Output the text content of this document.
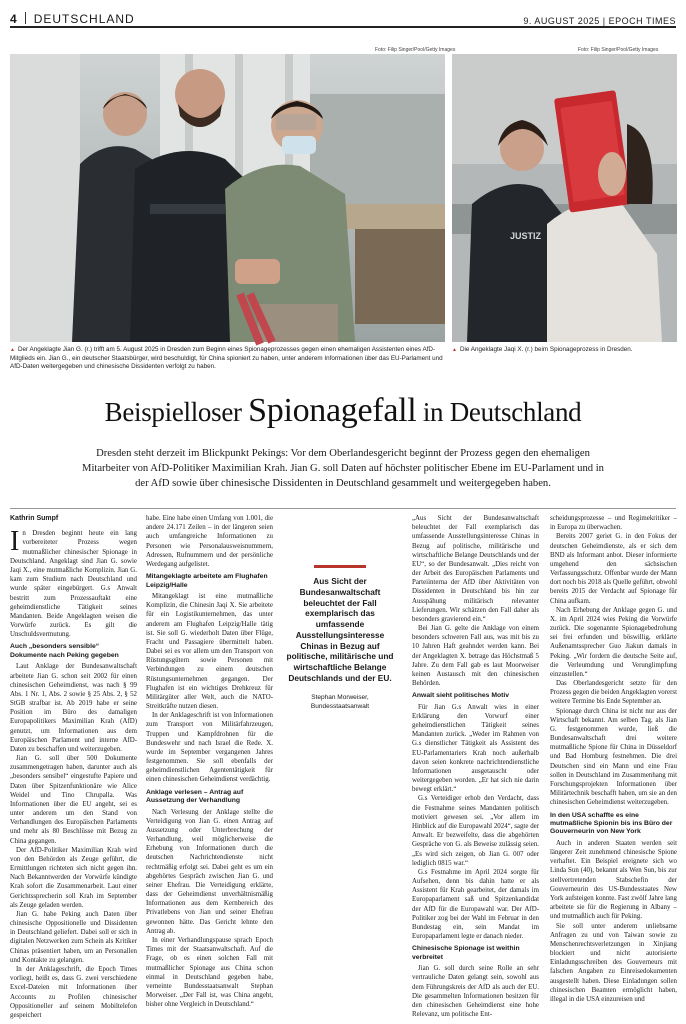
4 DEUTSCHLAND	9. AUGUST 2025 | EPOCH TIMES
Foto: Filip Singer/Pool/Getty Images	Foto: Filip Singer/Pool/Getty Images
JUSTIZ
▲ Der Angeklagte Jian G. (r.) trifft am 5. August 2025 in Dresden zum Beginn eines Spionageprozesses gegen einen ehemaligen Assistenten eines AfD-Mitglieds ein. Jian G., ein deutscher Staatsbürger, wird beschuldigt, für China spioniert zu haben, unter anderem Informationen über das EU-Parlament und AfD-Daten weitergegeben und chinesische Dissidenten verfolgt zu haben.
▲ Die Angeklagte Jaqi X. (r.) beim Spionageprozess in Dresden.
Beispielloser Spionagefall in Deutschland

Dresden steht derzeit im Blickpunkt Pekings: Vor dem Oberlandesgericht beginnt der Prozess gegen den ehemaligen Mitarbeiter von AfD-Politiker Maximilian Krah. Jian G. soll Daten auf höchster politischer Ebene im EU-Parlament und in der AfD sowie über chinesische Dissidenten in Deutschland gesammelt und weitergegeben haben.

Kathrin Sumpf

In Dresden beginnt heute ein lang vorbereiteter Prozess wegen mutmaßlicher chinesischer Spionage in Deutschland. Angeklagt sind Jian G. sowie Jaqi X., eine mutmaßliche Komplizin. Jian G. kam zum Studium nach Deutschland und wurde später eingebürgert. G.s Anwalt bestritt zum Prozessauftakt eine geheimdienstliche Tätigkeit seines Mandanten. Beide Angeklagten weisen die Vorwürfe zurück. Es gilt die Unschuldsvermutung.

Auch „besonders sensible“ Dokumente nach Peking gegeben

Laut Anklage der Bundesanwaltschaft arbeitete Jian G. schon seit 2002 für einen chinesischen Geheimdienst, was nach § 99 Abs. 1 Nr. 1, Abs. 2 sowie § 25 Abs. 2, § 52 StGB strafbar ist. Ab 2019 habe er seine Position im Büro des damaligen Europapolitikers Maximilian Krah (AfD) genutzt, um Informationen aus dem Europäischen Parlament und interne AfD-Daten zu beschaffen und weiterzugeben.

Jian G. soll über 500 Dokumente zusammengetragen haben, darunter auch als „besonders sensibel“ eingestufte Papiere und Daten über Spitzenfunktionäre wie Alice Weidel und Tino Chrupalla. Was Informationen über die EU angeht, sei es unter anderem um den Stand von Verhandlungen des Europäischen Parlaments und mehr als 80 Beschlüsse mit Bezug zu China gegangen.

Der AfD-Politiker Maximilian Krah wird von den Behörden als Zeuge geführt, die Ermittlungen richteten sich nicht gegen ihn. Nach Bekanntwerden der Vorwürfe kündigte Krah sofort die Zusammenarbeit. Laut einer Gerichtssprecherin soll Krah im September als Zeuge geladen werden.

Jian G. habe Peking auch Daten über chinesische Oppositionelle und Dissidenten in Deutschland geliefert. Dabei soll er sich in digitalen Netzwerken zum Schein als Kritiker Chinas präsentiert haben, um an Personallen und Kontakte zu gelangen.

In der Anklageschrift, die Epoch Times vorliegt, heißt es, dass G. zwei verschiedene Excel-Dateien mit Informationen über Accounts zu Profilen chinesischer Oppositioneller auf seinem Mobiltelefon gespeichert

habe. Eine habe einen Umfang von 1.001, die andere 24.171 Zeilen – in der längeren seien auch umfangreiche Informationen zu Personen wie Personalausweisnummern, Adressen, Rufnummern und der persönliche Werdegang aufgelistet.

Mitangeklagte arbeitete am Flughafen Leipzig/Halle

Mitangeklagt ist eine mutmaßliche Komplizin, die Chinesin Jaqi X. Sie arbeitete für ein Logistikunternehmen, das unter anderem am Flughafen Leipzig/Halle tätig ist. Sie soll G. wiederholt Daten über Flüge, Fracht und Passagiere übermittelt haben. Dabei sei es vor allem um den Transport von Rüstungsgütern sowie Personen mit Verbindungen zu einem deutschen Rüstungsunternehmen gegangen. Der Flughafen ist ein wichtiges Drehkreuz für Militärgüter aller Welt, auch die NATO-Streitkräfte nutzen diesen.

In der Anklageschrift ist von Informationen zum Transport von Militärfahrzeugen, Truppen und Kampfdrohnen für die Bundeswehr und nach Israel die Rede. X. wurde im September vergangenen Jahres festgenommen. Sie soll ebenfalls der geheimdienstlichen Agententätigkeit für einen chinesischen Geheimdienst verdächtig.

Anklage verlesen – Antrag auf Aussetzung der Verhandlung

Nach Verlesung der Anklage stellte die Verteidigung von Jian G. einen Antrag auf Aussetzung oder Unterbrechung der Verhandlung, weil möglicherweise die Erhebung von Informationen durch die deutschen Nachrichtendienste nicht rechtmäßig erfolgt sei. Dabei geht es um ein abgehörtes Gespräch zwischen Jian G. und seiner Ehefrau. Die Verteidigung erklärte, dass der Geheimdienst unverhältnismäßig Informationen aus dem Kernbereich des Privatlebens von Jian und seiner Ehefrau gewonnen hätte. Das Gericht lehnte den Antrag ab.

In einer Verhandlungspause sprach Epoch Times mit der Staatsanwaltschaft. Auf die Frage, ob es einen solchen Fall mit mutmaßlicher Spionage aus China schon einmal in Deutschland gegeben habe, verneinte Bundesstaatsanwalt Stephan Morweiser. „Der Fall ist, was China angeht, bisher ohne Vergleich in Deutschland.“

Aus Sicht der Bundesanwaltschaft beleuchtet der Fall exemplarisch das umfassende Ausstellungsinteresse Chinas in Bezug auf politische, militärische und wirtschaftliche Belange Deutschlands und der EU.
Stephan Morweiser,
Bundesstaatsanwalt

„Aus Sicht der Bundesanwaltschaft beleuchtet der Fall exemplarisch das umfassende Ausstellungsinteresse Chinas in Bezug auf politische, militärische und wirtschaftliche Belange Deutschlands und der EU“, so der Bundesanwalt. „Dies reicht von der Arbeit des Europäischen Parlaments und Parteiinterna der AfD über Aktivitäten von Dissidenten in Deutschland bis hin zur Ausspähung militärisch relevanter Lieferungen. Wir schätzen den Fall daher als besonders gravierend ein.“

Bei Jian G. gelte die Anklage von einem besonders schweren Fall aus, was mit bis zu 10 Jahren Haft geahndet werden kann. Bei der Angeklagten X. betrage das Höchstmaß 5 Jahre. Zu dem Fall gab es laut Moorweiser keinen Austausch mit den chinesischen Behörden.

Anwalt sieht politisches Motiv

Für Jian G.s Anwalt wies in einer Erklärung den Vorwurf einer geheimdienstlichen Tätigkeit seines Mandanten zurück. „Weder im Rahmen von G.s dienstlicher Tätigkeit als Assistent des EU-Parlamentariers Krah noch außerhalb davon seien konkrete nachrichtendienstliche Informationen ausgetauscht oder weitergegeben worden. „Er hat sich nie darin bewegt erklärt.“

G.s Verteidiger erhob den Verdacht, dass die Festnahme seines Mandanten politisch motiviert gewesen sei. „Vor allem im Hinblick auf die Europawahl 2024“, sagte der Anwalt. Er bezweifelte, dass die abgehörten Gespräche von G. als Beweise zulässig seien. „Es wird sich zeigen, ob Jian G. 007 oder lediglich 0815 war.“

G.s Festnahme im April 2024 sorgte für Aufsehen, denn bis dahin hatte er als Assistent für Krah gearbeitet, der damals im Europaparlament saß und Spitzenkandidat der AfD für die Europawahl war. Der AfD-Politiker zog bei der Wahl im Februar in den Bundestag ein, sein Mandat im Europaparlament legte er danach nieder.

Chinesische Spionage ist weithin verbreitet

Jian G. soll durch seine Rolle an sehr vertrauliche Daten gelangt sein, sowohl aus dem Führungskreis der AfD als auch der EU. Die gesammelten Informationen besitzen für den chinesischen Geheimdienst eine hohe Relevanz, um politische Ent-

scheidungsprozesse – und Regimekritiker – in Europa zu überwachen.

Bereits 2007 geriet G. in den Fokus der deutschen Geheimdienste, als er sich dem BND als Informant anbot. Dieser informierte umgehend den sächsischen Verfassungsschutz. Offenbar wurde der Mann dort noch bis 2018 als Quelle geführt, obwohl bereits 2015 der Verdacht auf Spionage für China aufkam.

Nach Erhebung der Anklage gegen G. und X. im April 2024 wies Peking die Vorwürfe zurück. Die sogenannte Spionagebedrohung sei frei erfunden und böswillig, erklärte Außenamtssprecher Guo Jiakun damals in Peking. „Wir fordern die deutsche Seite auf, die Verleumdung und Verunglimpfung einzustellen.“

Das Oberlandesgericht setzte für den Prozess gegen die beiden Angeklagten vorerst weitere Termine bis Ende September an.

Spionage durch China ist nicht nur aus der Wirtschaft bekannt. Am selben Tag, als Jian G. festgenommen wurde, ließ die Bundesanwaltschaft drei weitere mutmaßliche Spione für China in Düsseldorf und Bad Homburg festnehmen. Die drei Deutschen sind ein Mann und eine Frau sollen in Deutschland im Zusammenhang mit Forschungsprojekten Informationen über Militärtechnik beschafft haben, um sie an den chinesischen Geheimdienst weiterzugeben.

In den USA schaffte es eine mutmaßliche Spionin bis ins Büro der Gouverneurin von New York

Auch in anderen Staaten werden seit längerer Zeit zunehmend chinesische Spione verhaftet. Ein Beispiel ereignete sich wo Linda Sun (40), bekannt als Wen Sun, bis zur stellvertretenden Stabschefin der Gouverneurin des US-Bundesstaates New York aufsteigen konnte. Fast zwölf Jahre lang arbeitete sie für die Regierung in Albany – und mutmaßlich auch für Peking.

Sie soll unter anderem unliebsame Anfragen zu und von Taiwan sowie zu Menschenrechtsverletzungen in Xinjiang blockiert und nicht autorisierte Einladungsschreiben des Gouverneurs mit falschen Angaben zu Einreisedokumenten ausgestellt haben. Diese Einladungen sollen chinesischen Beamten ermöglicht haben, illegal in die USA einzureisen und
